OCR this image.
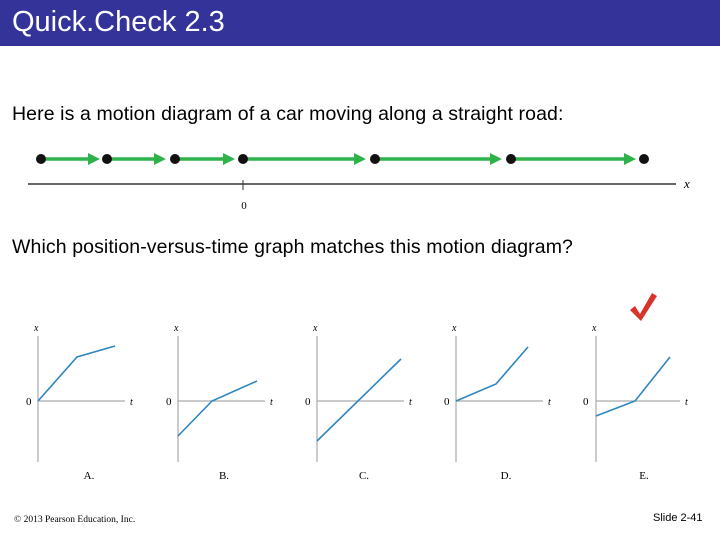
Quick.Check 2.3
Here is a motion diagram of a car moving along a straight road:
Which position-versus-time graph matches this motion diagram?
0
x
x
t
0
A.
x
t
0
B.
x
t
0
C.
x
t
0
D.
x
t
0
E.
© 2013 Pearson Education, Inc.	Slide 2-41
